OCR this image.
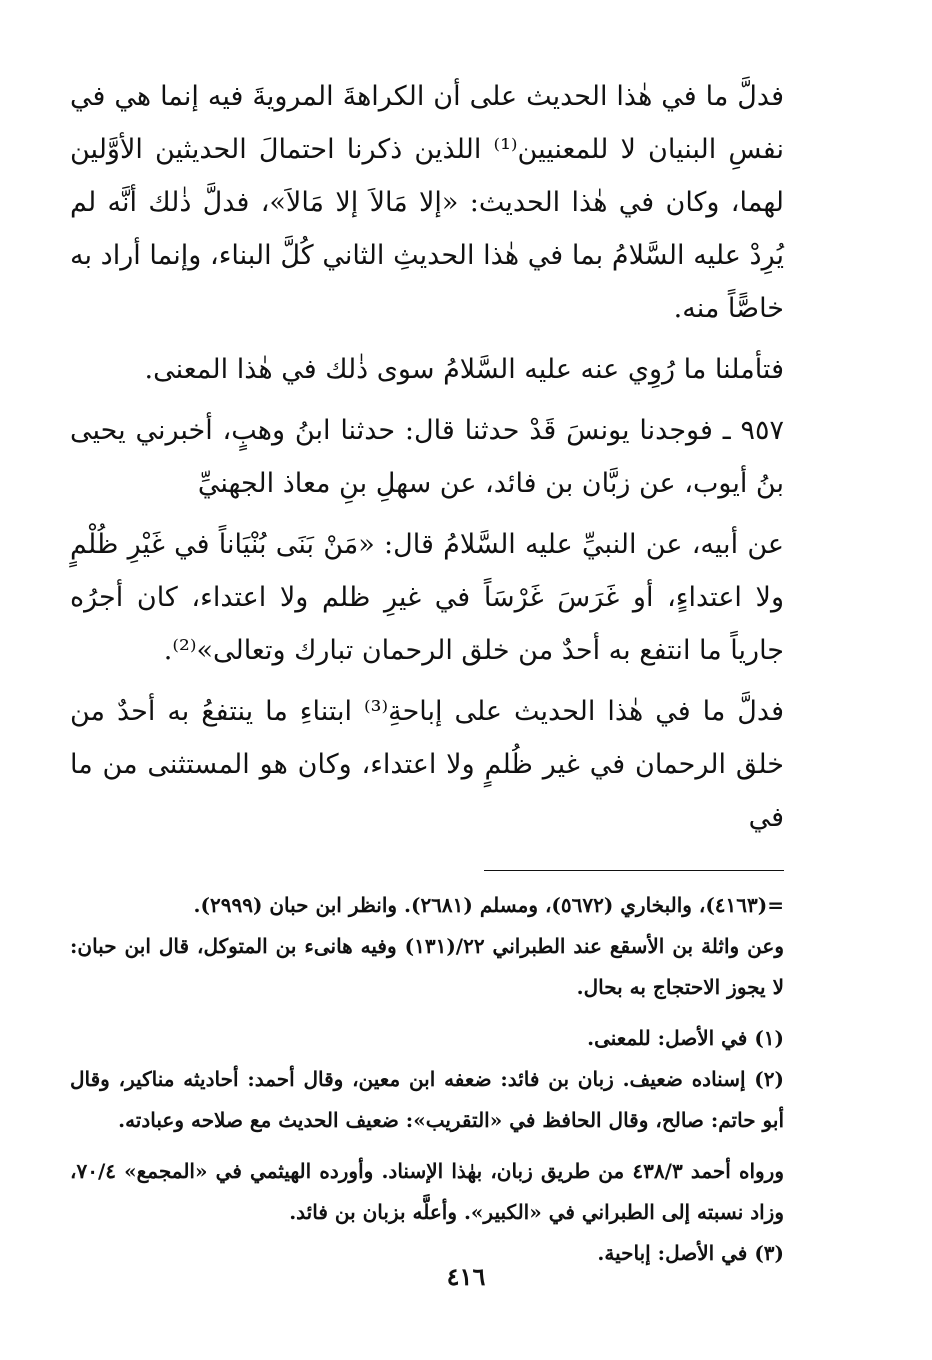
فدلَّ ما في هٰذا الحديث على أن الكراهةَ المرويةَ فيه إنما هي في نفسِ البنيان لا للمعنيين⁽¹⁾ اللذين ذكرنا احتمالَ الحديثين الأوَّلين لهما، وكان في هٰذا الحديث: «إلا مَالاَ إلا مَالاَ»، فدلَّ ذٰلك أنَّه لم يُرِدْ عليه السَّلامُ بما في هٰذا الحديثِ الثاني كُلَّ البناء، وإنما أراد به خاصًّاً منه.

فتأملنا ما رُوِي عنه عليه السَّلامُ سوى ذٰلك في هٰذا المعنى.

٩٥٧ ـ فوجدنا يونسَ قَدْ حدثنا قال: حدثنا ابنُ وهبٍ، أخبرني يحيى بنُ أيوب، عن زبَّان بن فائد، عن سهلِ بنِ معاذ الجهنيِّ

عن أبيه، عن النبيِّ عليه السَّلامُ قال: «مَنْ بَنَى بُنْيَاناً في غَيْرِ ظُلْمٍ ولا اعتداءٍ، أو غَرَسَ غَرْسَاً في غيرِ ظلم ولا اعتداء، كان أجرُه جارياً ما انتفع به أحدٌ من خلق الرحمان تبارك وتعالى»⁽²⁾.

فدلَّ ما في هٰذا الحديث على إباحةِ⁽³⁾ ابتناءِ ما ينتفعُ به أحدٌ من خلق الرحمان في غير ظُلمٍ ولا اعتداء، وكان هو المستثنى من ما في

=(٤١٦٣)، والبخاري (٥٦٧٢)، ومسلم (٢٦٨١). وانظر ابن حبان (٢٩٩٩).

وعن واثلة بن الأسقع عند الطبراني ٢٢/(١٣١) وفيه هانىء بن المتوكل، قال ابن حبان: لا يجوز الاحتجاج به بحال.

(١) في الأصل: للمعنى.

(٢) إسناده ضعيف. زبان بن فائد: ضعفه ابن معين، وقال أحمد: أحاديثه مناكير، وقال أبو حاتم: صالح، وقال الحافظ في «التقريب»: ضعيف الحديث مع صلاحه وعبادته.

ورواه أحمد ٤٣٨/٣ من طريق زبان، بهٰذا الإسناد. وأورده الهيثمي في «المجمع» ٧٠/٤، وزاد نسبته إلى الطبراني في «الكبير». وأعلَّه بزبان بن فائد.

(٣) في الأصل: إباحية.

٤١٦
